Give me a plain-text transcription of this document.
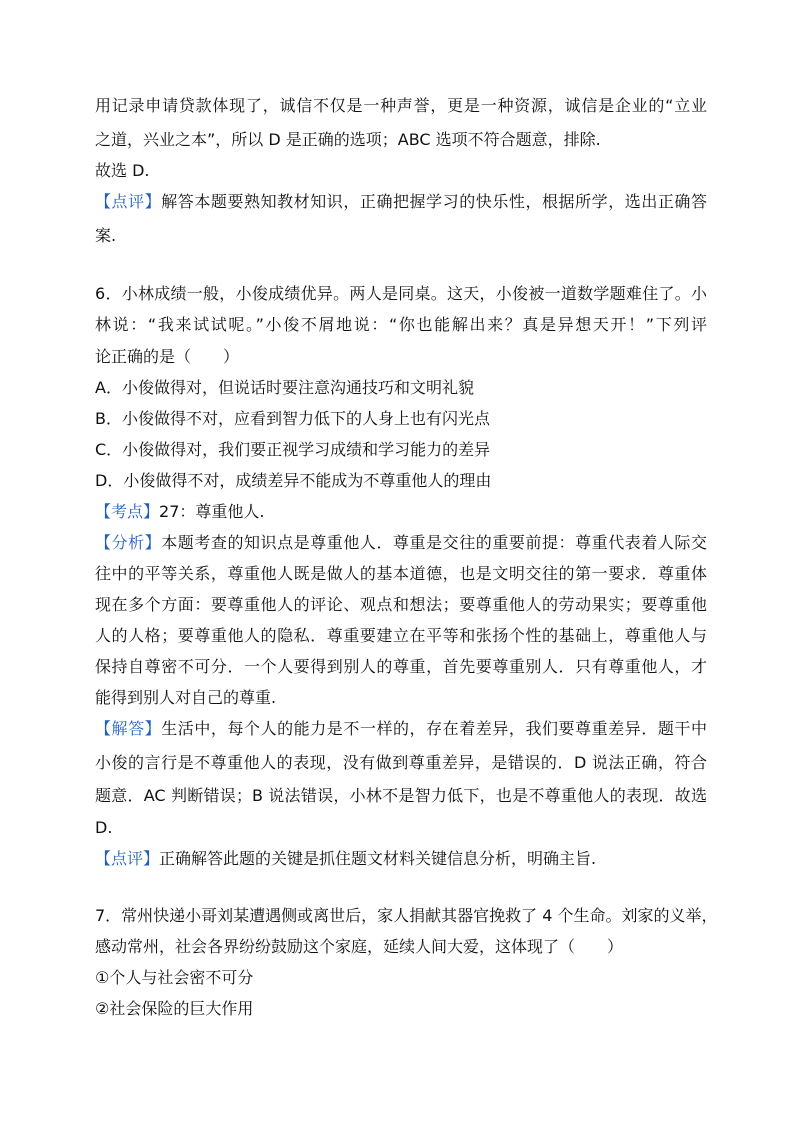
用记录申请贷款体现了，诚信不仅是一种声誉，更是一种资源，诚信是企业的“立业
之道，兴业之本”，所以 D 是正确的选项；ABC 选项不符合题意，排除.
故选 D.
【点评】解答本题要熟知教材知识，正确把握学习的快乐性，根据所学，选出正确答
案.
6．小林成绩一般，小俊成绩优异。两人是同桌。这天，小俊被一道数学题难住了。小
林说：“我来试试呢。”小俊不屑地说：“你也能解出来？真是异想天开！”下列评
论正确的是（　　）
A．小俊做得对，但说话时要注意沟通技巧和文明礼貌
B．小俊做得不对，应看到智力低下的人身上也有闪光点
C．小俊做得对，我们要正视学习成绩和学习能力的差异
D．小俊做得不对，成绩差异不能成为不尊重他人的理由
【考点】27：尊重他人.
【分析】本题考查的知识点是尊重他人．尊重是交往的重要前提：尊重代表着人际交
往中的平等关系，尊重他人既是做人的基本道德，也是文明交往的第一要求．尊重体
现在多个方面：要尊重他人的评论、观点和想法；要尊重他人的劳动果实；要尊重他
人的人格；要尊重他人的隐私．尊重要建立在平等和张扬个性的基础上，尊重他人与
保持自尊密不可分．一个人要得到别人的尊重，首先要尊重别人．只有尊重他人，才
能得到别人对自己的尊重.
【解答】生活中，每个人的能力是不一样的，存在着差异，我们要尊重差异．题干中
小俊的言行是不尊重他人的表现，没有做到尊重差异，是错误的．D 说法正确，符合
题意．AC 判断错误；B 说法错误，小林不是智力低下，也是不尊重他人的表现．故选
D.
【点评】正确解答此题的关键是抓住题文材料关键信息分析，明确主旨.
7．常州快递小哥刘某遭遇侧或离世后，家人捐献其器官挽救了 4 个生命。刘家的义举，
感动常州，社会各界纷纷鼓励这个家庭，延续人间大爱，这体现了（　　）
①个人与社会密不可分
②社会保险的巨大作用
